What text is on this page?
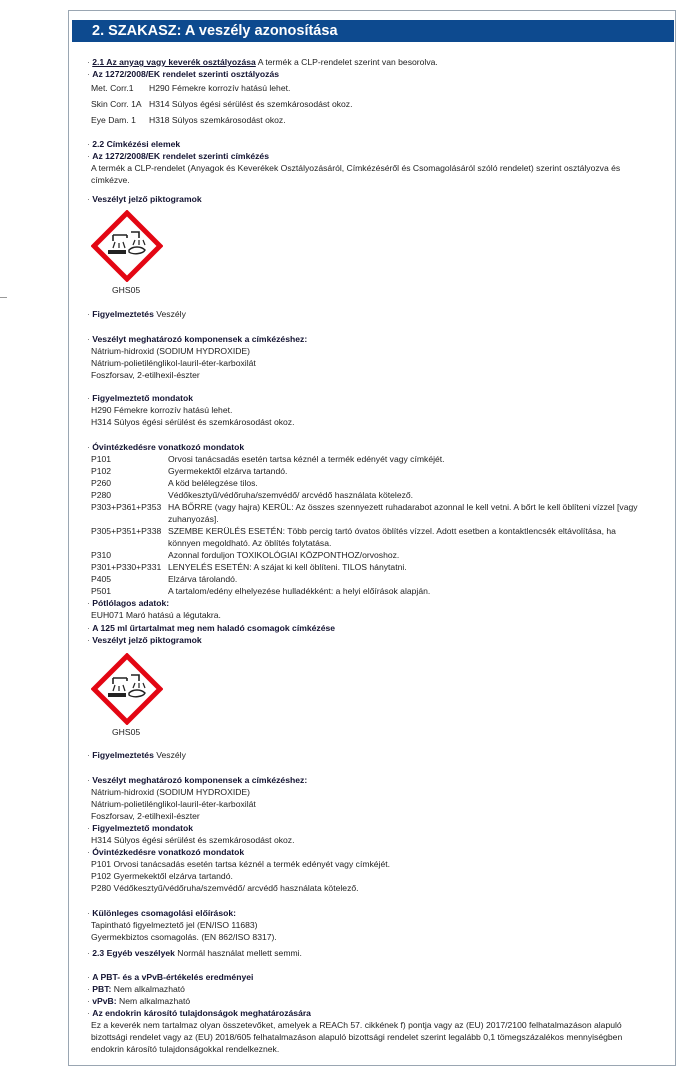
2. SZAKASZ: A veszély azonosítása
· 2.1 Az anyag vagy keverék osztályozása A termék a CLP-rendelet szerint van besorolva.
· Az 1272/2008/EK rendelet szerinti osztályozás
Met. Corr.1 H290 Fémekre korrozív hatású lehet.
Skin Corr. 1A H314 Súlyos égési sérülést és szemkárosodást okoz.
Eye Dam. 1 H318 Súlyos szemkárosodást okoz.
· 2.2 Címkézési elemek
· Az 1272/2008/EK rendelet szerinti címkézés
A termék a CLP-rendelet (Anyagok és Keverékek Osztályozásáról, Címkézéséről és Csomagolásáról szóló rendelet) szerint osztályozva és
címkézve.
· Veszélyt jelző piktogramok
GHS05
· Figyelmeztetés Veszély
· Veszélyt meghatározó komponensek a címkézéshez:
Nátrium-hidroxid (SODIUM HYDROXIDE)
Nátrium-polietilénglikol-lauril-éter-karboxilát
Foszforsav, 2-etilhexil-észter
· Figyelmeztető mondatok
H290 Fémekre korrozív hatású lehet.
H314 Súlyos égési sérülést és szemkárosodást okoz.
· Óvintézkedésre vonatkozó mondatok
P101	Orvosi tanácsadás esetén tartsa kéznél a termék edényét vagy címkéjét.
P102	Gyermekektől elzárva tartandó.
P260	A köd belélegzése tilos.
P280	Védőkesztyű/védőruha/szemvédő/ arcvédő használata kötelező.
P303+P361+P353 HA BŐRRE (vagy hajra) KERÜL: Az összes szennyezett ruhadarabot azonnal le kell vetni. A bőrt le kell öblíteni vízzel [vagy
zuhanyozás].
P305+P351+P338 SZEMBE KERÜLÉS ESETÉN: Több percig tartó óvatos öblítés vízzel. Adott esetben a kontaktlencsék eltávolítása, ha
könnyen megoldható. Az öblítés folytatása.
P310	Azonnal forduljon TOXIKOLÓGIAI KÖZPONTHOZ/orvoshoz.
P301+P330+P331 LENYELÉS ESETÉN: A szájat ki kell öblíteni. TILOS hánytatni.
P405	Elzárva tárolandó.
P501	A tartalom/edény elhelyezése hulladékként: a helyi előírások alapján.
· Pótlólagos adatok:
EUH071 Maró hatású a légutakra.
· A 125 ml űrtartalmat meg nem haladó csomagok címkézése
· Veszélyt jelző piktogramok
GHS05
· Figyelmeztetés Veszély
· Veszélyt meghatározó komponensek a címkézéshez:
Nátrium-hidroxid (SODIUM HYDROXIDE)
Nátrium-polietilénglikol-lauril-éter-karboxilát
Foszforsav, 2-etilhexil-észter
· Figyelmeztető mondatok
H314 Súlyos égési sérülést és szemkárosodást okoz.
· Óvintézkedésre vonatkozó mondatok
P101 Orvosi tanácsadás esetén tartsa kéznél a termék edényét vagy címkéjét.
P102 Gyermekektől elzárva tartandó.
P280 Védőkesztyű/védőruha/szemvédő/ arcvédő használata kötelező.
· Különleges csomagolási előírások:
Tapintható figyelmeztető jel (EN/ISO 11683)
Gyermekbiztos csomagolás. (EN 862/ISO 8317).
· 2.3 Egyéb veszélyek Normál használat mellett semmi.
· A PBT- és a vPvB-értékelés eredményei
· PBT: Nem alkalmazható
· vPvB: Nem alkalmazható
· Az endokrin károsító tulajdonságok meghatározására
Ez a keverék nem tartalmaz olyan összetevőket, amelyek a REACh 57. cikkének f) pontja vagy az (EU) 2017/2100 felhatalmazáson alapuló
bizottsági rendelet vagy az (EU) 2018/605 felhatalmazáson alapuló bizottsági rendelet szerint legalább 0,1 tömegszázalékos mennyiségben
endokrin károsító tulajdonságokkal rendelkeznek.
